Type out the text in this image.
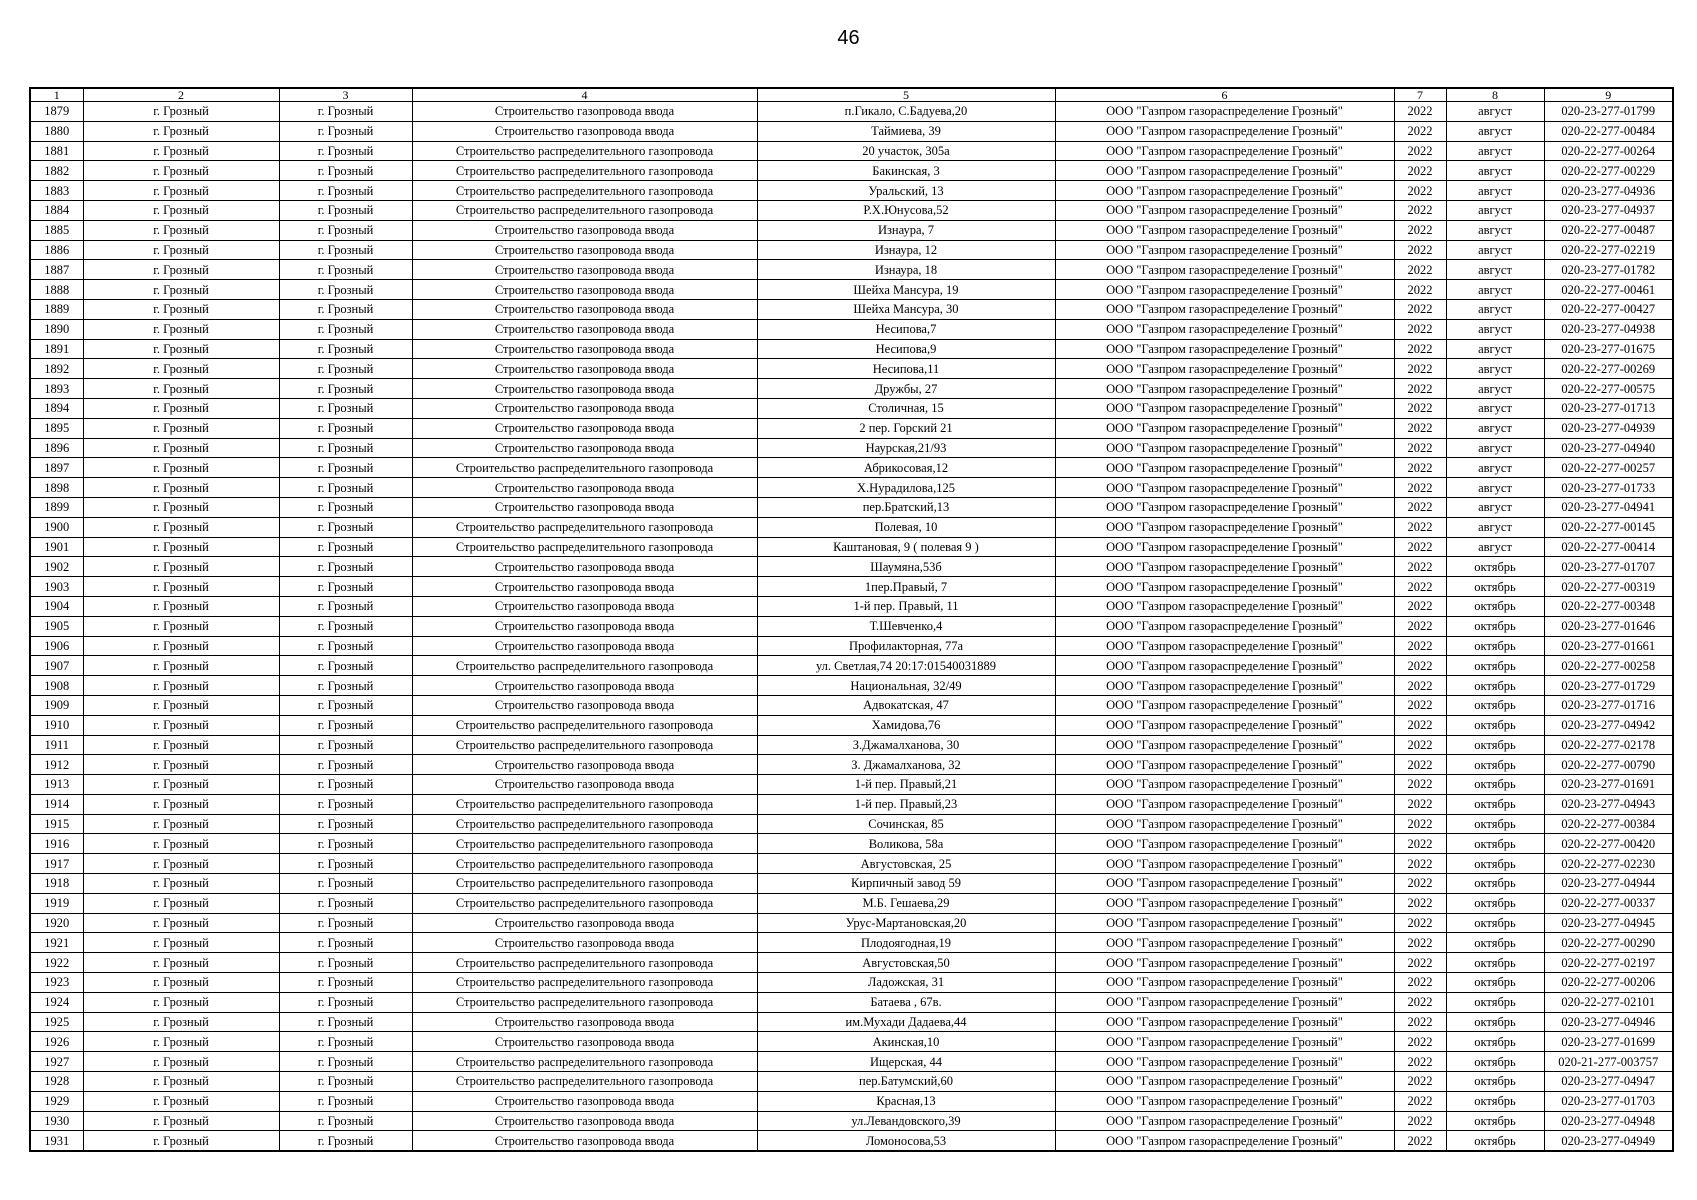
46
1	2	3	4	5	6	7	8	9
1879	г. Грозный	г. Грозный	Строительство газопровода ввода	п.Гикало, С.Бадуева,20	ООО "Газпром газораспределение Грозный"	2022	август	020-23-277-01799
1880	г. Грозный	г. Грозный	Строительство газопровода ввода	Таймиева, 39	ООО "Газпром газораспределение Грозный"	2022	август	020-22-277-00484
1881	г. Грозный	г. Грозный	Строительство распределительного газопровода	20 участок, 305а	ООО "Газпром газораспределение Грозный"	2022	август	020-22-277-00264
1882	г. Грозный	г. Грозный	Строительство распределительного газопровода	Бакинская, 3	ООО "Газпром газораспределение Грозный"	2022	август	020-22-277-00229
1883	г. Грозный	г. Грозный	Строительство распределительного газопровода	Уральский, 13	ООО "Газпром газораспределение Грозный"	2022	август	020-23-277-04936
1884	г. Грозный	г. Грозный	Строительство распределительного газопровода	Р.Х.Юнусова,52	ООО "Газпром газораспределение Грозный"	2022	август	020-23-277-04937
1885	г. Грозный	г. Грозный	Строительство газопровода ввода	Изнаура, 7	ООО "Газпром газораспределение Грозный"	2022	август	020-22-277-00487
1886	г. Грозный	г. Грозный	Строительство газопровода ввода	Изнаура, 12	ООО "Газпром газораспределение Грозный"	2022	август	020-22-277-02219
1887	г. Грозный	г. Грозный	Строительство газопровода ввода	Изнаура, 18	ООО "Газпром газораспределение Грозный"	2022	август	020-23-277-01782
1888	г. Грозный	г. Грозный	Строительство газопровода ввода	Шейха Мансура, 19	ООО "Газпром газораспределение Грозный"	2022	август	020-22-277-00461
1889	г. Грозный	г. Грозный	Строительство газопровода ввода	Шейха Мансура, 30	ООО "Газпром газораспределение Грозный"	2022	август	020-22-277-00427
1890	г. Грозный	г. Грозный	Строительство газопровода ввода	Несипова,7	ООО "Газпром газораспределение Грозный"	2022	август	020-23-277-04938
1891	г. Грозный	г. Грозный	Строительство газопровода ввода	Несипова,9	ООО "Газпром газораспределение Грозный"	2022	август	020-23-277-01675
1892	г. Грозный	г. Грозный	Строительство газопровода ввода	Несипова,11	ООО "Газпром газораспределение Грозный"	2022	август	020-22-277-00269
1893	г. Грозный	г. Грозный	Строительство газопровода ввода	Дружбы, 27	ООО "Газпром газораспределение Грозный"	2022	август	020-22-277-00575
1894	г. Грозный	г. Грозный	Строительство газопровода ввода	Столичная, 15	ООО "Газпром газораспределение Грозный"	2022	август	020-23-277-01713
1895	г. Грозный	г. Грозный	Строительство газопровода ввода	2 пер. Горский 21	ООО "Газпром газораспределение Грозный"	2022	август	020-23-277-04939
1896	г. Грозный	г. Грозный	Строительство газопровода ввода	Наурская,21/93	ООО "Газпром газораспределение Грозный"	2022	август	020-23-277-04940
1897	г. Грозный	г. Грозный	Строительство распределительного газопровода	Абрикосовая,12	ООО "Газпром газораспределение Грозный"	2022	август	020-22-277-00257
1898	г. Грозный	г. Грозный	Строительство газопровода ввода	Х.Нурадилова,125	ООО "Газпром газораспределение Грозный"	2022	август	020-23-277-01733
1899	г. Грозный	г. Грозный	Строительство газопровода ввода	пер.Братский,13	ООО "Газпром газораспределение Грозный"	2022	август	020-23-277-04941
1900	г. Грозный	г. Грозный	Строительство распределительного газопровода	Полевая, 10	ООО "Газпром газораспределение Грозный"	2022	август	020-22-277-00145
1901	г. Грозный	г. Грозный	Строительство распределительного газопровода	Каштановая, 9 ( полевая 9 )	ООО "Газпром газораспределение Грозный"	2022	август	020-22-277-00414
1902	г. Грозный	г. Грозный	Строительство газопровода ввода	Шаумяна,53б	ООО "Газпром газораспределение Грозный"	2022	октябрь	020-23-277-01707
1903	г. Грозный	г. Грозный	Строительство газопровода ввода	1пер.Правый, 7	ООО "Газпром газораспределение Грозный"	2022	октябрь	020-22-277-00319
1904	г. Грозный	г. Грозный	Строительство газопровода ввода	1-й пер. Правый, 11	ООО "Газпром газораспределение Грозный"	2022	октябрь	020-22-277-00348
1905	г. Грозный	г. Грозный	Строительство газопровода ввода	Т.Шевченко,4	ООО "Газпром газораспределение Грозный"	2022	октябрь	020-23-277-01646
1906	г. Грозный	г. Грозный	Строительство газопровода ввода	Профилакторная, 77а	ООО "Газпром газораспределение Грозный"	2022	октябрь	020-23-277-01661
1907	г. Грозный	г. Грозный	Строительство распределительного газопровода	ул. Светлая,74 20:17:01540031889	ООО "Газпром газораспределение Грозный"	2022	октябрь	020-22-277-00258
1908	г. Грозный	г. Грозный	Строительство газопровода ввода	Национальная, 32/49	ООО "Газпром газораспределение Грозный"	2022	октябрь	020-23-277-01729
1909	г. Грозный	г. Грозный	Строительство газопровода ввода	Адвокатская, 47	ООО "Газпром газораспределение Грозный"	2022	октябрь	020-23-277-01716
1910	г. Грозный	г. Грозный	Строительство распределительного газопровода	Хамидова,76	ООО "Газпром газораспределение Грозный"	2022	октябрь	020-23-277-04942
1911	г. Грозный	г. Грозный	Строительство распределительного газопровода	З.Джамалханова, 30	ООО "Газпром газораспределение Грозный"	2022	октябрь	020-22-277-02178
1912	г. Грозный	г. Грозный	Строительство газопровода ввода	З. Джамалханова, 32	ООО "Газпром газораспределение Грозный"	2022	октябрь	020-22-277-00790
1913	г. Грозный	г. Грозный	Строительство газопровода ввода	1-й пер. Правый,21	ООО "Газпром газораспределение Грозный"	2022	октябрь	020-23-277-01691
1914	г. Грозный	г. Грозный	Строительство распределительного газопровода	1-й пер. Правый,23	ООО "Газпром газораспределение Грозный"	2022	октябрь	020-23-277-04943
1915	г. Грозный	г. Грозный	Строительство распределительного газопровода	Сочинская, 85	ООО "Газпром газораспределение Грозный"	2022	октябрь	020-22-277-00384
1916	г. Грозный	г. Грозный	Строительство распределительного газопровода	Воликова, 58а	ООО "Газпром газораспределение Грозный"	2022	октябрь	020-22-277-00420
1917	г. Грозный	г. Грозный	Строительство распределительного газопровода	Августовская, 25	ООО "Газпром газораспределение Грозный"	2022	октябрь	020-22-277-02230
1918	г. Грозный	г. Грозный	Строительство распределительного газопровода	Кирпичный завод 59	ООО "Газпром газораспределение Грозный"	2022	октябрь	020-23-277-04944
1919	г. Грозный	г. Грозный	Строительство распределительного газопровода	М.Б. Гешаева,29	ООО "Газпром газораспределение Грозный"	2022	октябрь	020-22-277-00337
1920	г. Грозный	г. Грозный	Строительство газопровода ввода	Урус-Мартановская,20	ООО "Газпром газораспределение Грозный"	2022	октябрь	020-23-277-04945
1921	г. Грозный	г. Грозный	Строительство газопровода ввода	Плодоягодная,19	ООО "Газпром газораспределение Грозный"	2022	октябрь	020-22-277-00290
1922	г. Грозный	г. Грозный	Строительство распределительного газопровода	Августовская,50	ООО "Газпром газораспределение Грозный"	2022	октябрь	020-22-277-02197
1923	г. Грозный	г. Грозный	Строительство распределительного газопровода	Ладожская, 31	ООО "Газпром газораспределение Грозный"	2022	октябрь	020-22-277-00206
1924	г. Грозный	г. Грозный	Строительство распределительного газопровода	Батаева , 67в.	ООО "Газпром газораспределение Грозный"	2022	октябрь	020-22-277-02101
1925	г. Грозный	г. Грозный	Строительство газопровода ввода	им.Мухади Дадаева,44	ООО "Газпром газораспределение Грозный"	2022	октябрь	020-23-277-04946
1926	г. Грозный	г. Грозный	Строительство газопровода ввода	Акинская,10	ООО "Газпром газораспределение Грозный"	2022	октябрь	020-23-277-01699
1927	г. Грозный	г. Грозный	Строительство распределительного газопровода	Ищерская, 44	ООО "Газпром газораспределение Грозный"	2022	октябрь	020-21-277-003757
1928	г. Грозный	г. Грозный	Строительство распределительного газопровода	пер.Батумский,60	ООО "Газпром газораспределение Грозный"	2022	октябрь	020-23-277-04947
1929	г. Грозный	г. Грозный	Строительство газопровода ввода	Красная,13	ООО "Газпром газораспределение Грозный"	2022	октябрь	020-23-277-01703
1930	г. Грозный	г. Грозный	Строительство газопровода ввода	ул.Левандовского,39	ООО "Газпром газораспределение Грозный"	2022	октябрь	020-23-277-04948
1931	г. Грозный	г. Грозный	Строительство газопровода ввода	Ломоносова,53	ООО "Газпром газораспределение Грозный"	2022	октябрь	020-23-277-04949
